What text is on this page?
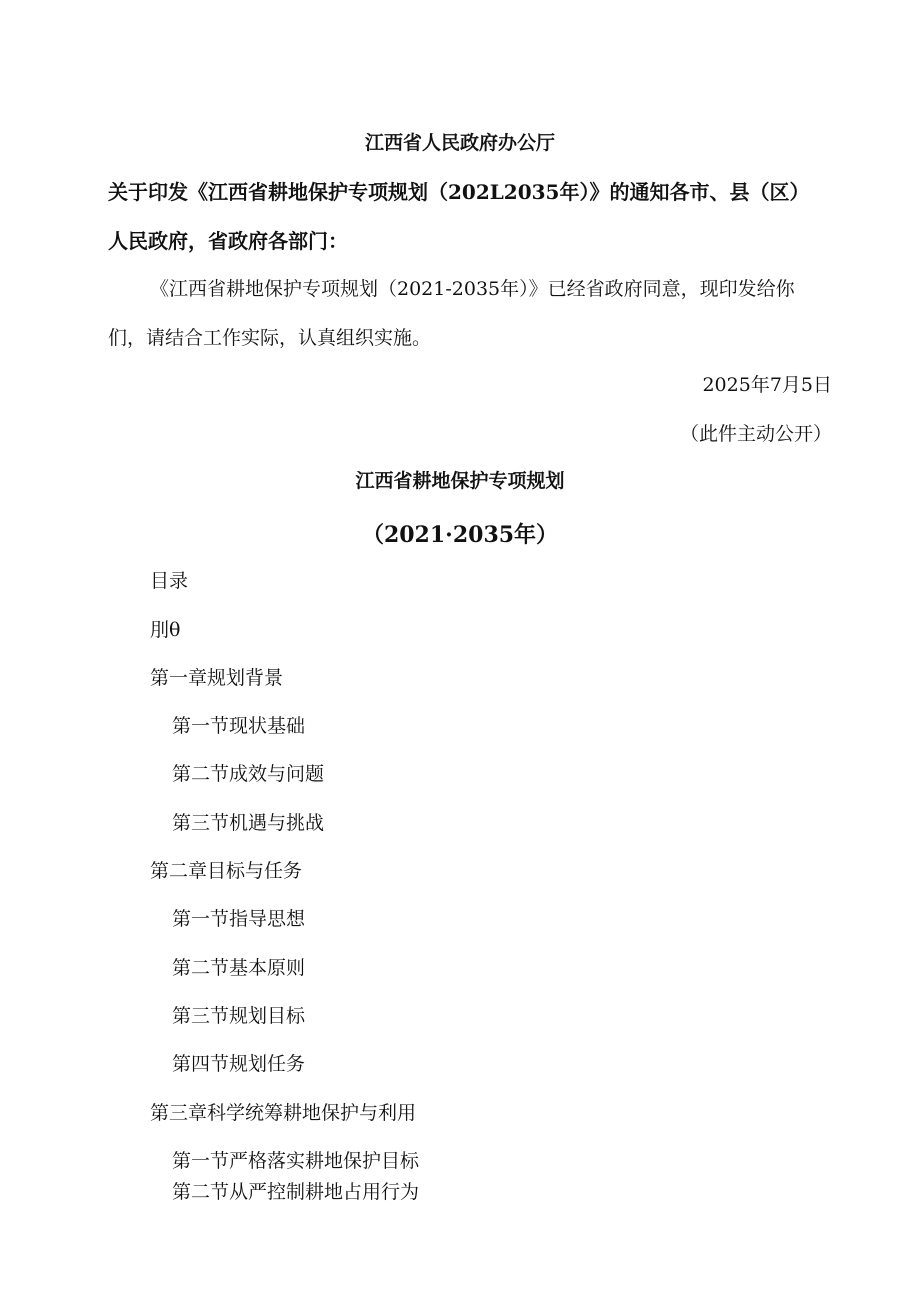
江西省人民政府办公厅
关于印发《江西省耕地保护专项规划（202L2035年）》的通知各市、县（区）
人民政府，省政府各部门：
《江西省耕地保护专项规划（2021-2035年）》已经省政府同意，现印发给你
们，请结合工作实际，认真组织实施。
2025年7月5日
（此件主动公开）
江西省耕地保护专项规划
（2021·2035年）
目录
刖θ
第一章规划背景
第一节现状基础
第二节成效与问题
第三节机遇与挑战
第二章目标与任务
第一节指导思想
第二节基本原则
第三节规划目标
第四节规划任务
第三章科学统筹耕地保护与利用
第一节严格落实耕地保护目标
第二节从严控制耕地占用行为
